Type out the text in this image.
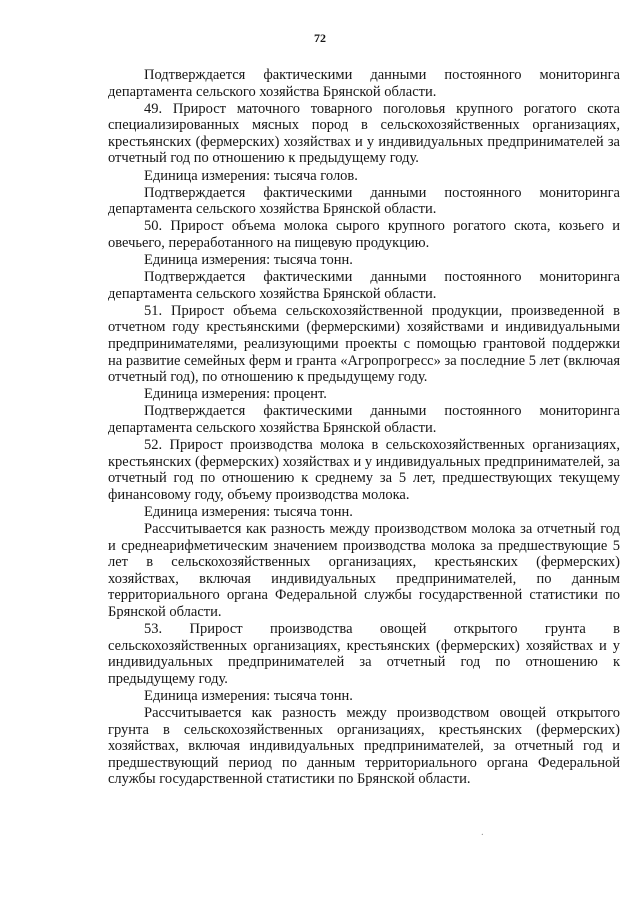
72

Подтверждается фактическими данными постоянного мониторинга департамента сельского хозяйства Брянской области.

49. Прирост маточного товарного поголовья крупного рогатого скота специализированных мясных пород в сельскохозяйственных организациях, крестьянских (фермерских) хозяйствах и у индивидуальных предпринимателей за отчетный год по отношению к предыдущему году.

Единица измерения: тысяча голов.

Подтверждается фактическими данными постоянного мониторинга департамента сельского хозяйства Брянской области.

50. Прирост объема молока сырого крупного рогатого скота, козьего и овечьего, переработанного на пищевую продукцию.

Единица измерения: тысяча тонн.

Подтверждается фактическими данными постоянного мониторинга департамента сельского хозяйства Брянской области.

51. Прирост объема сельскохозяйственной продукции, произведенной в отчетном году крестьянскими (фермерскими) хозяйствами и индивидуальными предпринимателями, реализующими проекты с помощью грантовой поддержки на развитие семейных ферм и гранта «Агропрогресс» за последние 5 лет (включая отчетный год), по отношению к предыдущему году.

Единица измерения: процент.

Подтверждается фактическими данными постоянного мониторинга департамента сельского хозяйства Брянской области.

52. Прирост производства молока в сельскохозяйственных организациях, крестьянских (фермерских) хозяйствах и у индивидуальных предпринимателей, за отчетный год по отношению к среднему за 5 лет, предшествующих текущему финансовому году, объему производства молока.

Единица измерения: тысяча тонн.

Рассчитывается как разность между производством молока за отчетный год и среднеарифметическим значением производства молока за предшествующие 5 лет в сельскохозяйственных организациях, крестьянских (фермерских) хозяйствах, включая индивидуальных предпринимателей, по данным территориального органа Федеральной службы государственной статистики по Брянской области.

53. Прирост производства овощей открытого грунта в сельскохозяйственных организациях, крестьянских (фермерских) хозяйствах и у индивидуальных предпринимателей за отчетный год по отношению к предыдущему году.

Единица измерения: тысяча тонн.

Рассчитывается как разность между производством овощей открытого грунта в сельскохозяйственных организациях, крестьянских (фермерских) хозяйствах, включая индивидуальных предпринимателей, за отчетный год и предшествующий период по данным территориального органа Федеральной службы государственной статистики по Брянской области.

.
